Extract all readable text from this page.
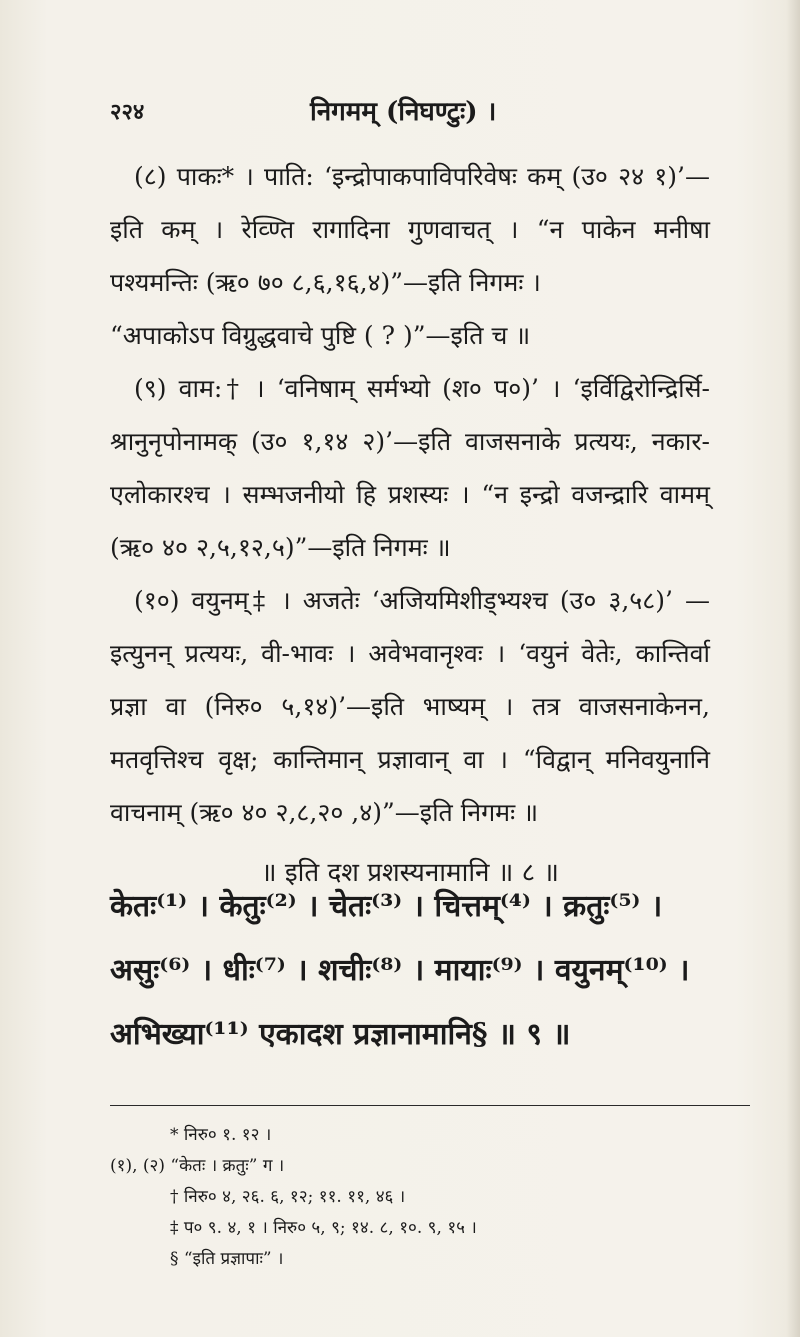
२२४	निगमम् (निघण्टुः) ।

(८) पाकः* । पाति: ‘इन्द्रोपाकपाविपरिवेषः कम् (उ० २४ १)’—इति कम् । रेव्ण्ति रागादिना गुणवाचत् । “न पाकेन मनीषा पश्यमन्तिः (ऋ० ७० ८,६,१६,४)”—इति निगमः ।

“अपाकोऽप विग्रुद्धवाचे पुष्टि ( ? )”—इति च ॥

(९) वाम:† । ‘वनिषाम् सर्मभ्यो (श० प०)’ । ‘इर्विद्विरोन्द्रिर्सि-श्रानुनृपोनामक् (उ० १,१४ २)’—इति वाजसनाके प्रत्ययः, नकार-एलोकारश्च । सम्भजनीयो हि प्रशस्यः । “न इन्द्रो वजन्द्रारि वामम् (ऋ० ४० २,५,१२,५)”—इति निगमः ॥

(१०) वयुनम्‡ । अजतेः ‘अजियमिशीड्भ्यश्च (उ० ३,५८)’ —इत्युनन् प्रत्ययः, वी-भावः । अवेभवानृश्वः । ‘वयुनं वेतेः, कान्तिर्वा प्रज्ञा वा (निरु० ५,१४)’—इति भाष्यम् । तत्र वाजसनाकेनन, मतवृत्तिश्च वृक्ष; कान्तिमान् प्रज्ञावान् वा । “विद्वान् मनिवयुनानि वाचनाम् (ऋ० ४० २,८,२० ,४)”—इति निगमः ॥

॥ इति दश प्रशस्यनामानि ॥ ८ ॥

केतः⁽¹⁾ । केतुः⁽²⁾ । चेतः⁽³⁾ । चित्तम्⁽⁴⁾ । क्रतुः⁽⁵⁾ ।
असुः⁽⁶⁾ । धीः⁽⁷⁾ । शचीः⁽⁸⁾ । मायाः⁽⁹⁾ । वयुनम्⁽¹⁰⁾ ।
अभिख्या⁽¹¹⁾ एकादश प्रज्ञानामानि§ ॥ ९ ॥

* निरु० १. १२ ।

(१), (२) “केतः । क्रतुः” ग ।

† निरु० ४, २६. ६, १२; ११. ११, ४६ ।

‡ प० ९. ४, १ । निरु० ५, ९; १४. ८, १०. ९, १५ ।

§ “इति प्रज्ञापाः” ।
